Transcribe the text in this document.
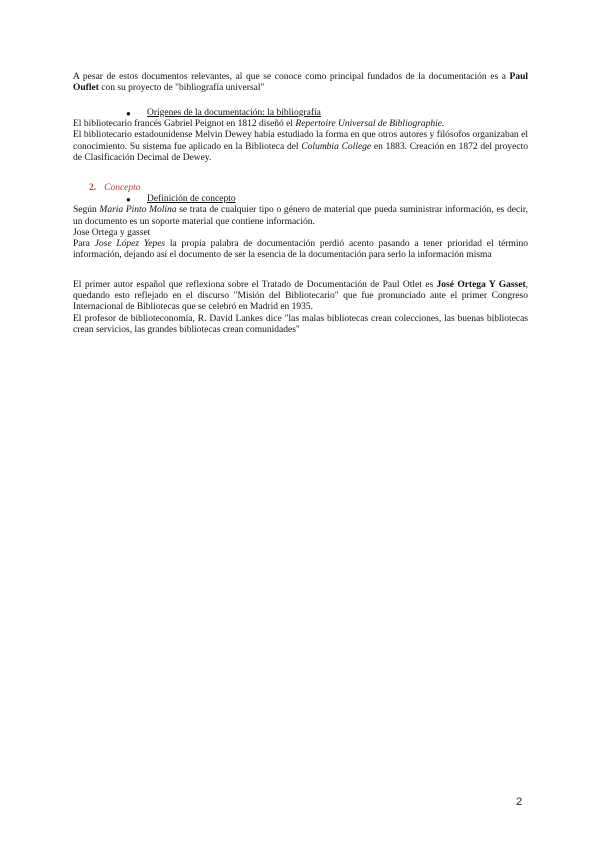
A pesar de estos documentos relevantes, al que se conoce como principal fundados de la documentación es a Paul Ouflet con su proyecto de "bibliografía universal"

● Orígenes de la documentación: la bibliografía

El bibliotecario francés Gabriel Peignot en 1812 diseñó el Repertoire Universal de Bibliographie.

El bibliotecario estadounidense Melvin Dewey había estudiado la forma en que otros autores y filósofos organizaban el conocimiento. Su sistema fue aplicado en la Biblioteca del Columbia College en 1883. Creación en 1872 del proyecto de Clasificación Decimal de Dewey.

2. Concepto
● Definición de concepto

Según Maria Pinto Molina se trata de cualquier tipo o género de material que pueda suministrar información, es decir, un documento es un soporte material que contiene información.

Jose Ortega y gasset

Para Jose López Yepes la propia palabra de documentación perdió acento pasando a tener prioridad el término información, dejando así el documento de ser la esencia de la documentación para serlo la información misma

El primer autor español que reflexiona sobre el Tratado de Documentación de Paul Otlet es José Ortega Y Gasset, quedando esto reflejado en el discurso "Misión del Bibliotecario" que fue pronunciado ante el primer Congreso Internacional de Bibliotecas que se celebró en Madrid en 1935.

El profesor de biblioteconomía, R. David Lankes dice "las malas bibliotecas crean colecciones, las buenas bibliotecas crean servicios, las grandes bibliotecas crean comunidades"

2
